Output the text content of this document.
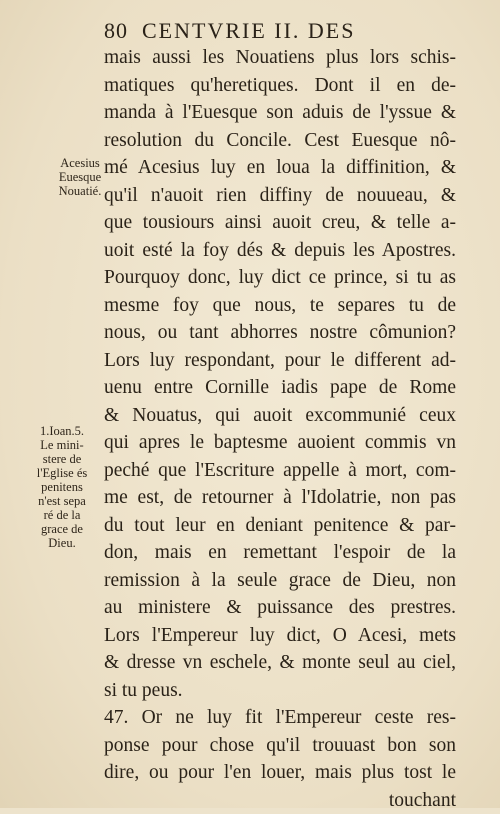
80 CENTVRIE II. DES
Acesius
Euesque
Nouatié.
1.Ioan.5.
Le mini-
stere de
l'Eglise és
penitens
n'est sepa
ré de la
grace de
Dieu.
mais aussi les Nouatiens plus lors schis-
matiques qu'heretiques. Dont il en de-
manda à l'Euesque son aduis de l'yssue &
resolution du Concile. Cest Euesque nô-
mé Acesius luy en loua la diffinition, &
qu'il n'auoit rien diffiny de nouueau, &
que tousiours ainsi auoit creu, & telle a-
uoit esté la foy dés & depuis les Apostres.
Pourquoy donc, luy dict ce prince, si tu as
mesme foy que nous, te separes tu de
nous, ou tant abhorres nostre cômunion?
Lors luy respondant, pour le different ad-
uenu entre Cornille iadis pape de Rome
& Nouatus, qui auoit excommunié ceux
qui apres le baptesme auoient commis vn
peché que l'Escriture appelle à mort, com-
me est, de retourner à l'Idolatrie, non pas
du tout leur en deniant penitence & par-
don, mais en remettant l'espoir de la
remission à la seule grace de Dieu, non
au ministere & puissance des prestres.
Lors l'Empereur luy dict, O Acesi, mets
& dresse vn eschele, & monte seul au ciel,
si tu peus.
47. Or ne luy fit l'Empereur ceste res-
ponse pour chose qu'il trouuast bon son
dire, ou pour l'en louer, mais plus tost le
touchant
